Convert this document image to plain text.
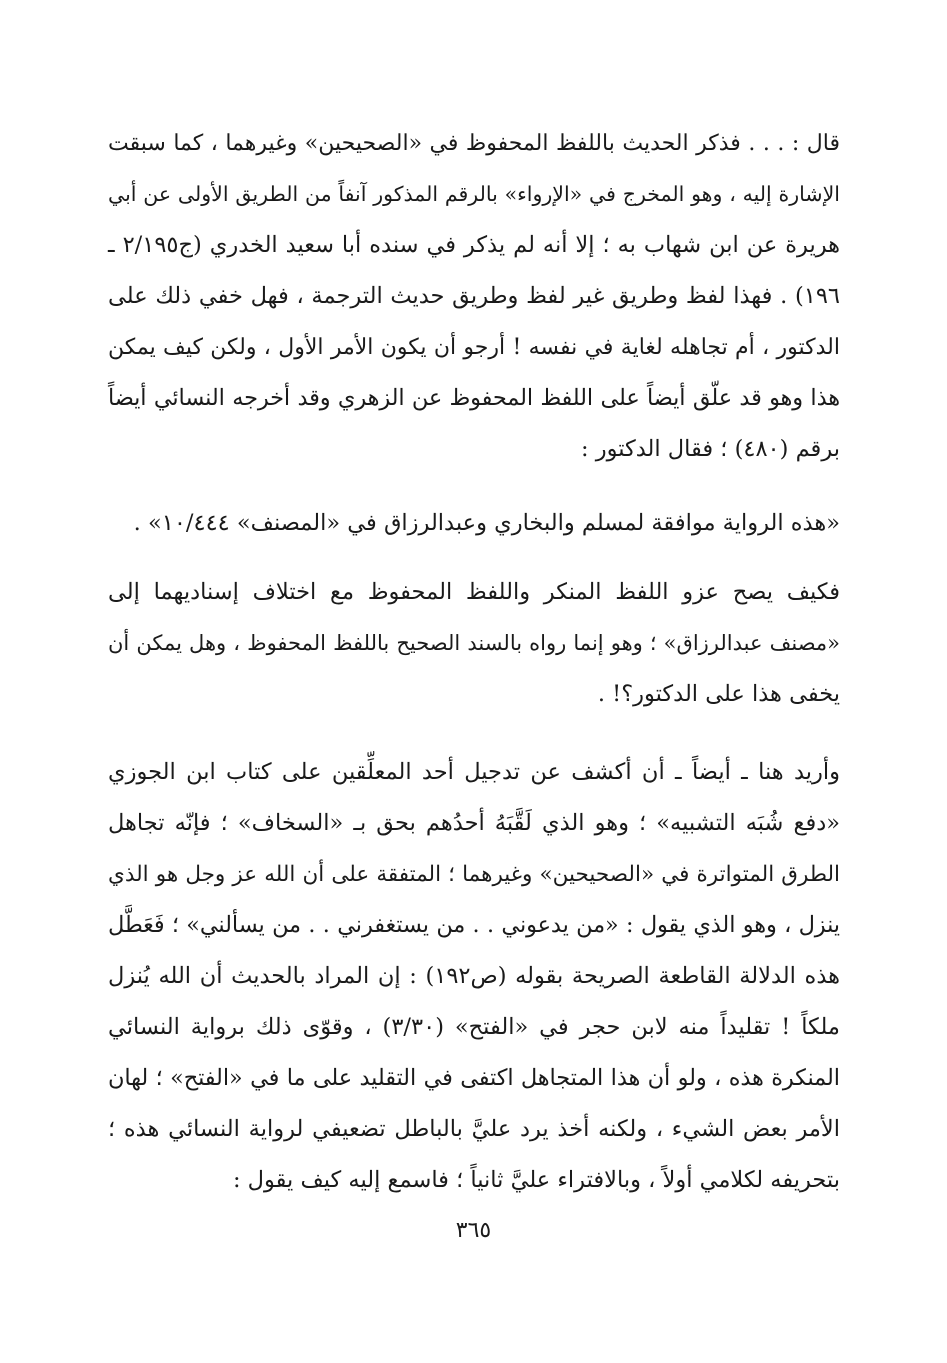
قال : . . . فذكر الحديث باللفظ المحفوظ في «الصحيحين» وغيرهما ، كما سبقت
الإشارة إليه ، وهو المخرج في «الإرواء» بالرقم المذكور آنفاً من الطريق الأولى عن أبي
هريرة عن ابن شهاب به ؛ إلا أنه لم يذكر في سنده أبا سعيد الخدري (ج٢/١٩٥ ـ
١٩٦) . فهذا لفظ وطريق غير لفظ وطريق حديث الترجمة ، فهل خفي ذلك على
الدكتور ، أم تجاهله لغاية في نفسه ! أرجو أن يكون الأمر الأول ، ولكن كيف يمكن
هذا وهو قد علّق أيضاً على اللفظ المحفوظ عن الزهري وقد أخرجه النسائي أيضاً
برقم (٤٨٠) ؛ فقال الدكتور :

«هذه الرواية موافقة لمسلم والبخاري وعبدالرزاق في «المصنف» ١٠/٤٤٤» .

فكيف يصح عزو اللفظ المنكر واللفظ المحفوظ مع اختلاف إسناديهما إلى
«مصنف عبدالرزاق» ؛ وهو إنما رواه بالسند الصحيح باللفظ المحفوظ ، وهل يمكن أن
يخفى هذا على الدكتور؟! .

وأريد هنا ـ أيضاً ـ أن أكشف عن تدجيل أحد المعلِّقين على كتاب ابن الجوزي
«دفع شُبَه التشبيه» ؛ وهو الذي لَقَّبَهُ أحدُهم بحق بـ «السخاف» ؛ فإنّه تجاهل
الطرق المتواترة في «الصحيحين» وغيرهما ؛ المتفقة على أن الله عز وجل هو الذي
ينزل ، وهو الذي يقول : «من يدعوني . . من يستغفرني . . من يسألني» ؛ فَعَطَّل
هذه الدلالة القاطعة الصريحة بقوله (ص١٩٢) : إن المراد بالحديث أن الله يُنزل
ملكاً ! تقليداً منه لابن حجر في «الفتح» (٣/٣٠) ، وقوّى ذلك برواية النسائي
المنكرة هذه ، ولو أن هذا المتجاهل اكتفى في التقليد على ما في «الفتح» ؛ لهان
الأمر بعض الشيء ، ولكنه أخذ يرد عليَّ بالباطل تضعيفي لرواية النسائي هذه ؛
بتحريفه لكلامي أولاً ، وبالافتراء عليَّ ثانياً ؛ فاسمع إليه كيف يقول :

٣٦٥
